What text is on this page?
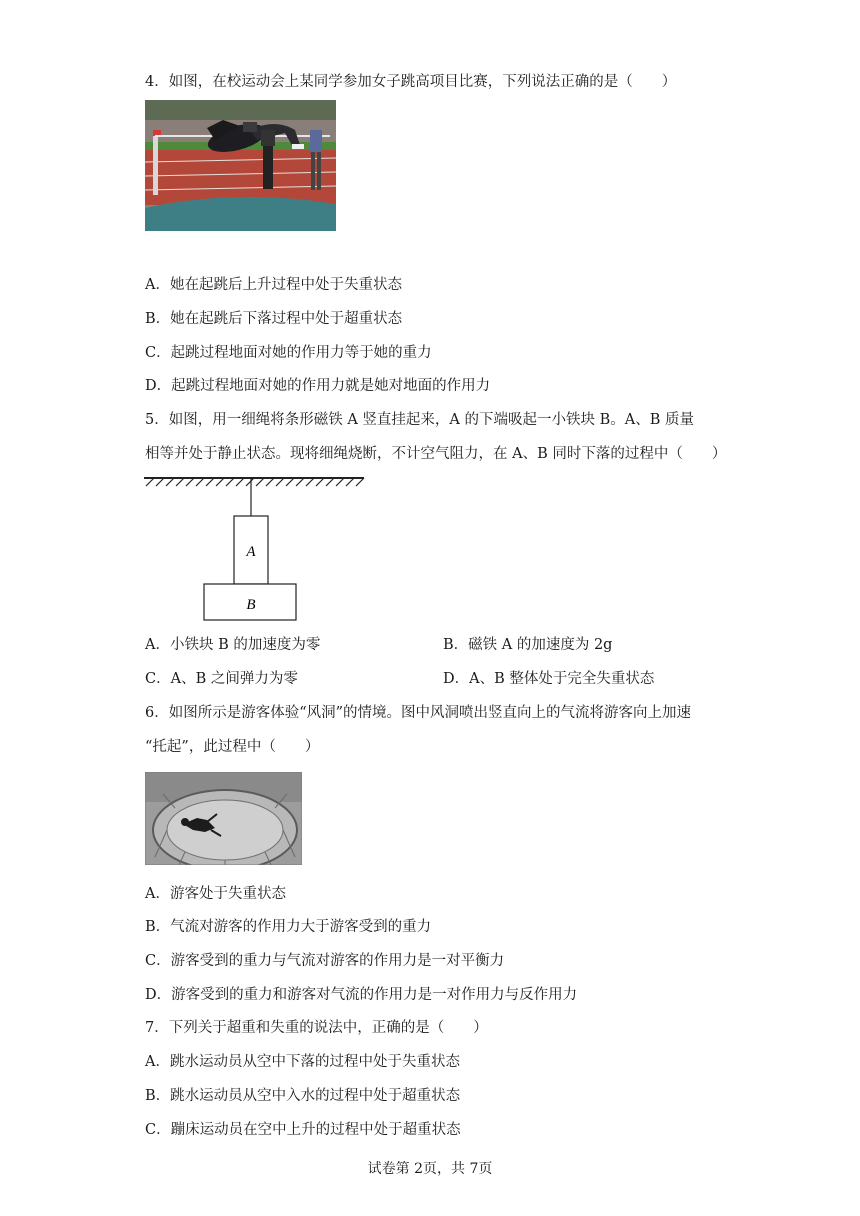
4．如图，在校运动会上某同学参加女子跳高项目比赛，下列说法正确的是（　　）
A．她在起跳后上升过程中处于失重状态
B．她在起跳后下落过程中处于超重状态
C．起跳过程地面对她的作用力等于她的重力
D．起跳过程地面对她的作用力就是她对地面的作用力
5．如图，用一细绳将条形磁铁 A 竖直挂起来，A 的下端吸起一小铁块 B。A、B 质量
相等并处于静止状态。现将细绳烧断，不计空气阻力，在 A、B 同时下落的过程中（　　）
A
B
A．小铁块 B 的加速度为零	B．磁铁 A 的加速度为 2g
C．A、B 之间弹力为零	D．A、B 整体处于完全失重状态
6．如图所示是游客体验“风洞”的情境。图中风洞喷出竖直向上的气流将游客向上加速
“托起”，此过程中（　　）
A．游客处于失重状态
B．气流对游客的作用力大于游客受到的重力
C．游客受到的重力与气流对游客的作用力是一对平衡力
D．游客受到的重力和游客对气流的作用力是一对作用力与反作用力
7．下列关于超重和失重的说法中，正确的是（　　）
A．跳水运动员从空中下落的过程中处于失重状态
B．跳水运动员从空中入水的过程中处于超重状态
C．蹦床运动员在空中上升的过程中处于超重状态
试卷第 2页，共 7页
